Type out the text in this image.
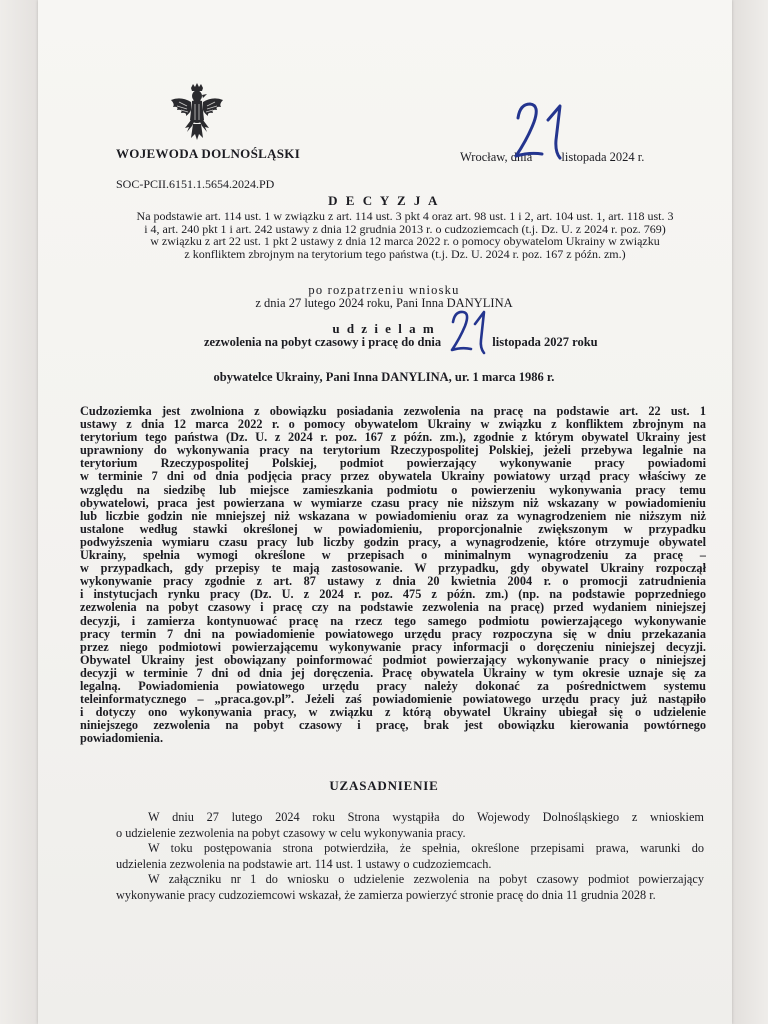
WOJEWODA DOLNOŚLĄSKI	Wrocław, dnia listopada 2024 r.
SOC-PCII.6151.1.5654.2024.PD
D E C Y Z J A
Na podstawie art. 114 ust. 1 w związku z art. 114 ust. 3 pkt 4 oraz art. 98 ust. 1 i 2, art. 104 ust. 1, art. 118 ust. 3
i 4, art. 240 pkt 1 i art. 242 ustawy z dnia 12 grudnia 2013 r. o cudzoziemcach (t.j. Dz. U. z 2024 r. poz. 769)
w związku z art 22 ust. 1 pkt 2 ustawy z dnia 12 marca 2022 r. o pomocy obywatelom Ukrainy w związku
z konfliktem zbrojnym na terytorium tego państwa (t.j. Dz. U. 2024 r. poz. 167 z późn. zm.)
po rozpatrzeniu wniosku
z dnia 27 lutego 2024 roku, Pani Inna DANYLINA
u d z i e l a m
zezwolenia na pobyt czasowy i pracę do dnia	listopada 2027 roku
obywatelce Ukrainy, Pani Inna DANYLINA, ur. 1 marca 1986 r.
Cudzoziemka jest zwolniona z obowiązku posiadania zezwolenia na pracę na podstawie art. 22 ust. 1
ustawy z dnia 12 marca 2022 r. o pomocy obywatelom Ukrainy w związku z konfliktem zbrojnym na
terytorium tego państwa (Dz. U. z 2024 r. poz. 167 z późn. zm.), zgodnie z którym obywatel Ukrainy jest
uprawniony do wykonywania pracy na terytorium Rzeczypospolitej Polskiej, jeżeli przebywa legalnie na
terytorium Rzeczypospolitej Polskiej, podmiot powierzający wykonywanie pracy powiadomi
w terminie 7 dni od dnia podjęcia pracy przez obywatela Ukrainy powiatowy urząd pracy właściwy ze
względu na siedzibę lub miejsce zamieszkania podmiotu o powierzeniu wykonywania pracy temu
obywatelowi, praca jest powierzana w wymiarze czasu pracy nie niższym niż wskazany w powiadomieniu
lub liczbie godzin nie mniejszej niż wskazana w powiadomieniu oraz za wynagrodzeniem nie niższym niż
ustalone według stawki określonej w powiadomieniu, proporcjonalnie zwiększonym w przypadku
podwyższenia wymiaru czasu pracy lub liczby godzin pracy, a wynagrodzenie, które otrzymuje obywatel
Ukrainy, spełnia wymogi określone w przepisach o minimalnym wynagrodzeniu za pracę –
w przypadkach, gdy przepisy te mają zastosowanie. W przypadku, gdy obywatel Ukrainy rozpoczął
wykonywanie pracy zgodnie z art. 87 ustawy z dnia 20 kwietnia 2004 r. o promocji zatrudnienia
i instytucjach rynku pracy (Dz. U. z 2024 r. poz. 475 z późn. zm.) (np. na podstawie poprzedniego
zezwolenia na pobyt czasowy i pracę czy na podstawie zezwolenia na pracę) przed wydaniem niniejszej
decyzji, i zamierza kontynuować pracę na rzecz tego samego podmiotu powierzającego wykonywanie
pracy termin 7 dni na powiadomienie powiatowego urzędu pracy rozpoczyna się w dniu przekazania
przez niego podmiotowi powierzającemu wykonywanie pracy informacji o doręczeniu niniejszej decyzji.
Obywatel Ukrainy jest obowiązany poinformować podmiot powierzający wykonywanie pracy o niniejszej
decyzji w terminie 7 dni od dnia jej doręczenia. Pracę obywatela Ukrainy w tym okresie uznaje się za
legalną. Powiadomienia powiatowego urzędu pracy należy dokonać za pośrednictwem systemu
teleinformatycznego – „praca.gov.pl”. Jeżeli zaś powiadomienie powiatowego urzędu pracy już nastąpiło
i dotyczy ono wykonywania pracy, w związku z którą obywatel Ukrainy ubiegał się o udzielenie
niniejszego zezwolenia na pobyt czasowy i pracę, brak jest obowiązku kierowania powtórnego
powiadomienia.
UZASADNIENIE
W dniu 27 lutego 2024 roku Strona wystąpiła do Wojewody Dolnośląskiego z wnioskiem
o udzielenie zezwolenia na pobyt czasowy w celu wykonywania pracy.
W toku postępowania strona potwierdziła, że spełnia, określone przepisami prawa, warunki do
udzielenia zezwolenia na podstawie art. 114 ust. 1 ustawy o cudzoziemcach.
W załączniku nr 1 do wniosku o udzielenie zezwolenia na pobyt czasowy podmiot powierzający
wykonywanie pracy cudzoziemcowi wskazał, że zamierza powierzyć stronie pracę do dnia 11 grudnia 2028 r.
